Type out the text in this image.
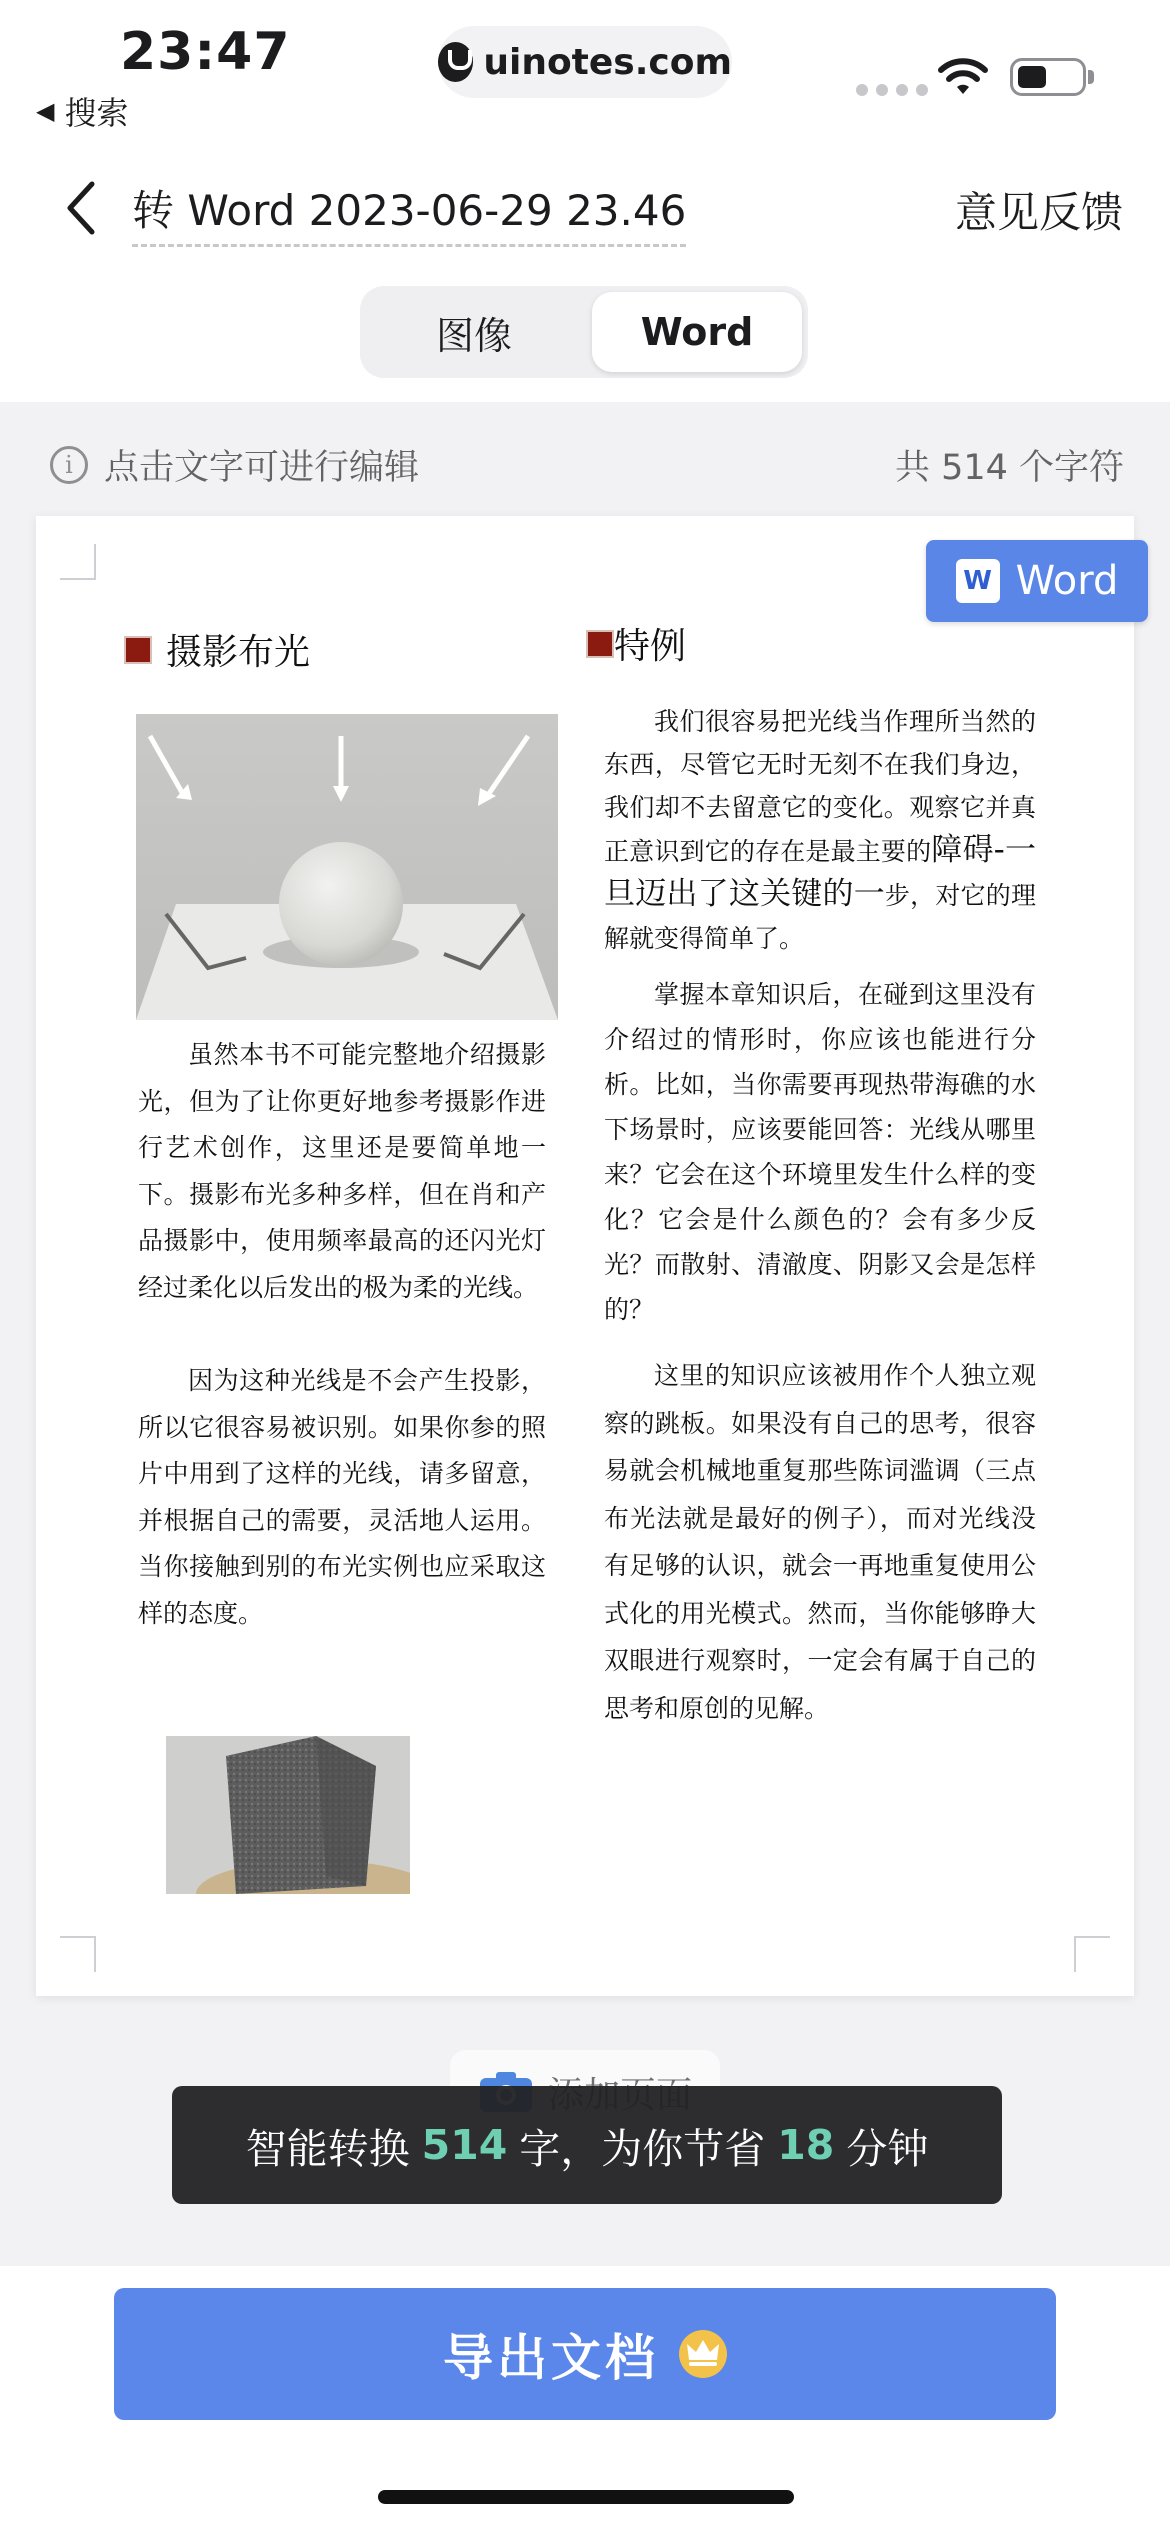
23:47
◀ 搜索
uinotes.com
转 Word 2023-06-29 23.46	意见反馈
图像	Word
i 点击文字可进行编辑	共 514 个字符
W Word
摄影布光
虽然本书不可能完整地介绍摄影光，但为了让你更好地参考摄影作进行艺术创作，这里还是要简单地一下。摄影布光多种多样，但在肖和产品摄影中，使用频率最高的还闪光灯经过柔化以后发出的极为柔的光线。
因为这种光线是不会产生投影，所以它很容易被识别。如果你参的照片中用到了这样的光线，请多留意，并根据自己的需要，灵活地人运用。当你接触到别的布光实例也应采取这样的态度。
特例
我们很容易把光线当作理所当然的东西，尽管它无时无刻不在我们身边，我们却不去留意它的变化。观察它并真正意识到它的存在是最主要的障碍-一旦迈出了这关键的一步，对它的理解就变得简单了。
掌握本章知识后，在碰到这里没有介绍过的情形时，你应该也能进行分析。比如，当你需要再现热带海礁的水下场景时，应该要能回答：光线从哪里来？它会在这个环境里发生什么样的变化？它会是什么颜色的？会有多少反光？而散射、清澈度、阴影又会是怎样的？
这里的知识应该被用作个人独立观察的跳板。如果没有自己的思考，很容易就会机械地重复那些陈词滥调（三点布光法就是最好的例子），而对光线没有足够的认识，就会一再地重复使用公式化的用光模式。然而，当你能够睁大双眼进行观察时，一定会有属于自己的思考和原创的见解。
智能转换 514 字，为你节省 18 分钟
导出文档
